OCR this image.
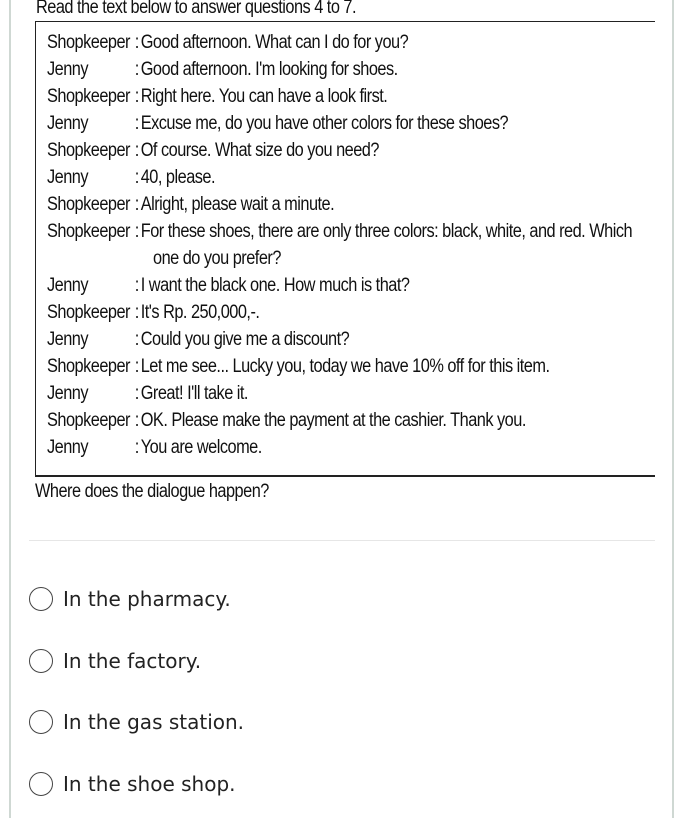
Read the text below to answer questions 4 to 7.
Shopkeeper : Good afternoon. What can I do for you?
Jenny : Good afternoon. I'm looking for shoes.
Shopkeeper : Right here. You can have a look first.
Jenny : Excuse me, do you have other colors for these shoes?
Shopkeeper : Of course. What size do you need?
Jenny : 40, please.
Shopkeeper : Alright, please wait a minute.
Shopkeeper : For these shoes, there are only three colors: black, white, and red. Which
one do you prefer?
Jenny : I want the black one. How much is that?
Shopkeeper : It's Rp. 250,000,-.
Jenny : Could you give me a discount?
Shopkeeper : Let me see... Lucky you, today we have 10% off for this item.
Jenny : Great! I'll take it.
Shopkeeper : OK. Please make the payment at the cashier. Thank you.
Jenny : You are welcome.
Where does the dialogue happen?
In the pharmacy.
In the factory.
In the gas station.
In the shoe shop.
